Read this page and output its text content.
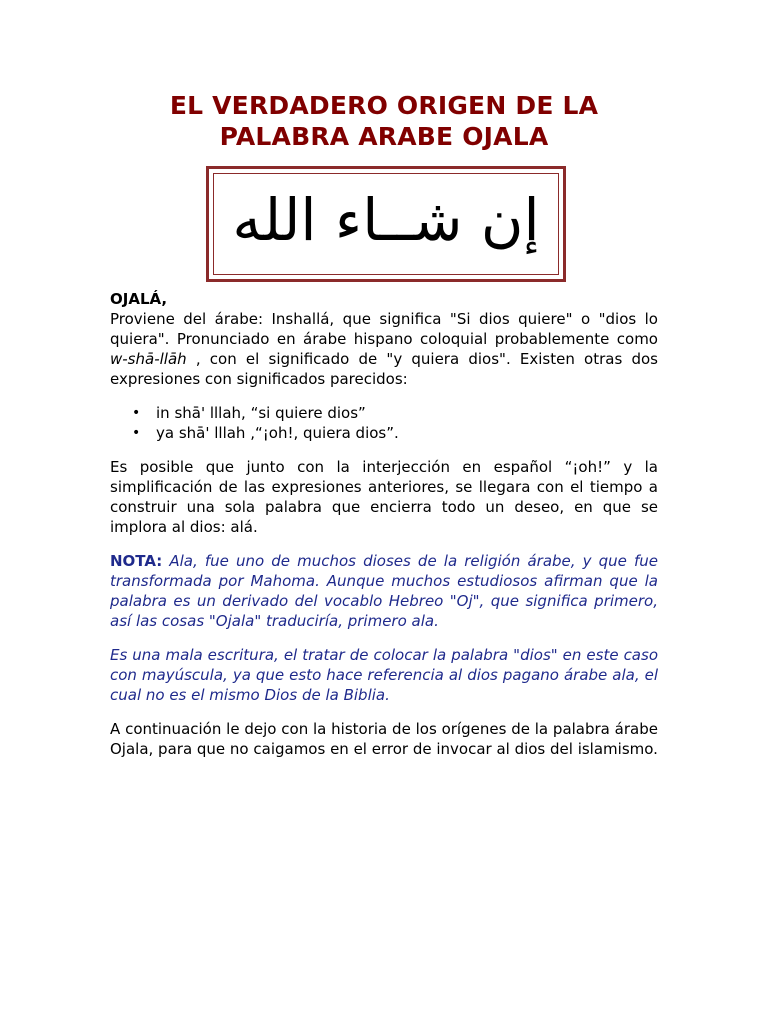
EL VERDADERO ORIGEN DE LA
PALABRA ARABE OJALA
إن شــاء الله

OJALÁ,

Proviene del árabe: Inshallá, que significa "Si dios quiere" o "dios lo quiera". Pronunciado en árabe hispano coloquial probablemente como w-shā-llāh , con el significado de "y quiera dios". Existen otras dos expresiones con significados parecidos:

• in shā' lllah, “si quiere dios”
• ya shā' lllah ,“¡oh!, quiera dios”.

Es posible que junto con la interjección en español “¡oh!” y la simplificación de las expresiones anteriores, se llegara con el tiempo a construir una sola palabra que encierra todo un deseo, en que se implora al dios: alá.

NOTA: Ala, fue uno de muchos dioses de la religión árabe, y que fue transformada por Mahoma. Aunque muchos estudiosos afirman que la palabra es un derivado del vocablo Hebreo "Oj", que significa primero, así las cosas "Ojala" traduciría, primero ala.

Es una mala escritura, el tratar de colocar la palabra "dios" en este caso con mayúscula, ya que esto hace referencia al dios pagano árabe ala, el cual no es el mismo Dios de la Biblia.

A continuación le dejo con la historia de los orígenes de la palabra árabe Ojala, para que no caigamos en el error de invocar al dios del islamismo.
